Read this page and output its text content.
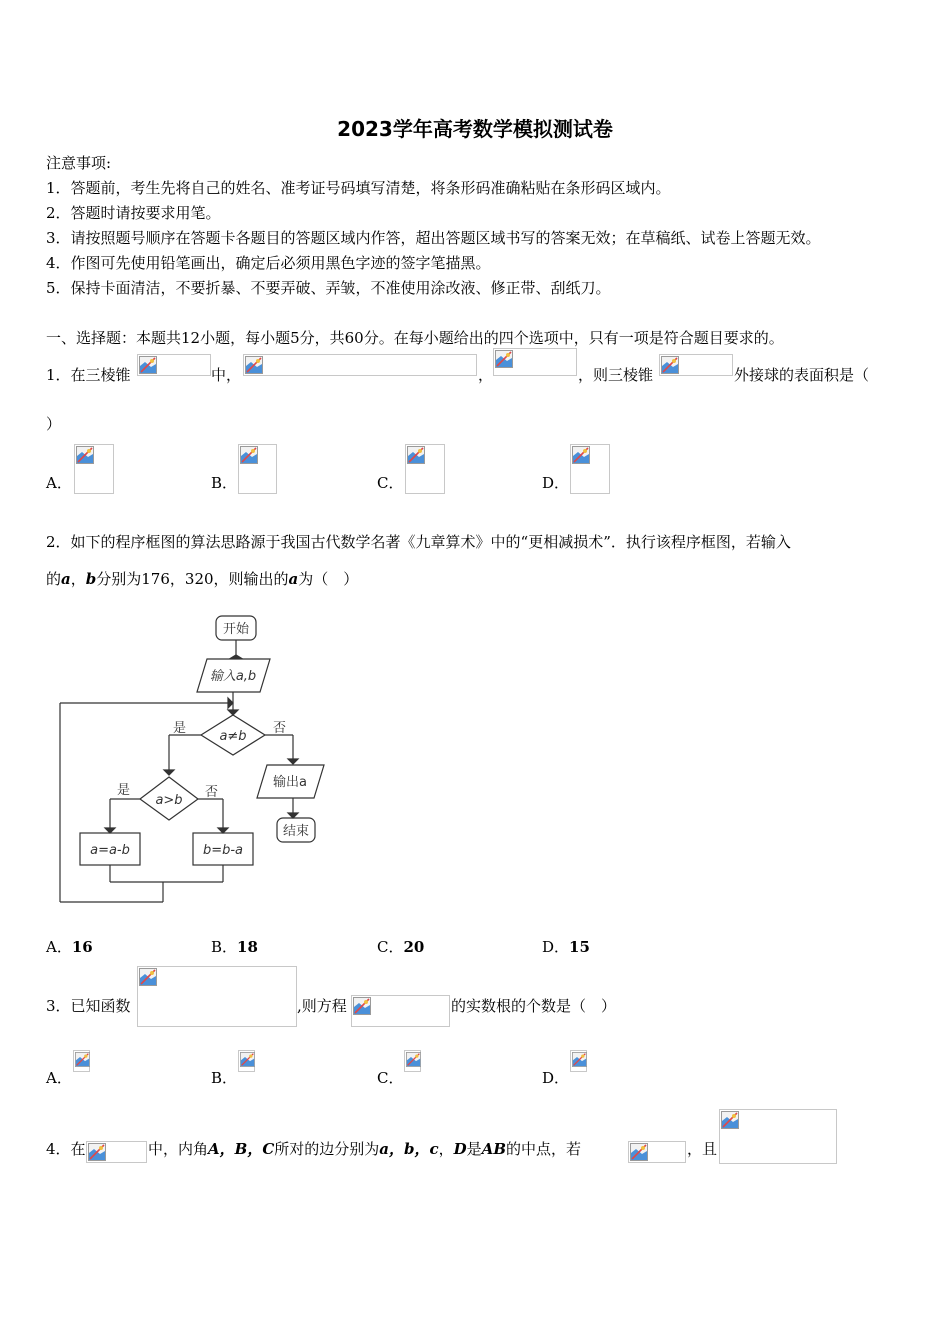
2023学年高考数学模拟测试卷
注意事项:
1．答题前，考生先将自己的姓名、准考证号码填写清楚，将条形码准确粘贴在条形码区域内。
2．答题时请按要求用笔。
3．请按照题号顺序在答题卡各题目的答题区域内作答，超出答题区域书写的答案无效；在草稿纸、试卷上答题无效。
4．作图可先使用铅笔画出，确定后必须用黑色字迹的签字笔描黑。
5．保持卡面清洁，不要折暴、不要弄破、弄皱，不准使用涂改液、修正带、刮纸刀。
一、选择题：本题共12小题，每小题5分，共60分。在每小题给出的四个选项中，只有一项是符合题目要求的。
1．在三棱锥	中，	，	，则三棱锥	外接球的表面积是（
）
A．	B．	C．	D．
2．如下的程序框图的算法思路源于我国古代数学名著《九章算术》中的“更相减损术”．执行该程序框图，若输入
的a，b分别为176，320，则输出的a为（　）
开始
输入a,b
a≠b
是	否
输出a
结束
a>b
是	否
a=a-b	b=b-a
A．16	B．18	C．20	D．15
3．已知函数	,则方程	的实数根的个数是（　）
A．	B．	C．	D．
4．在	中，内角A，B，C所对的边分别为a，b，c，D是AB的中点，若	，且
